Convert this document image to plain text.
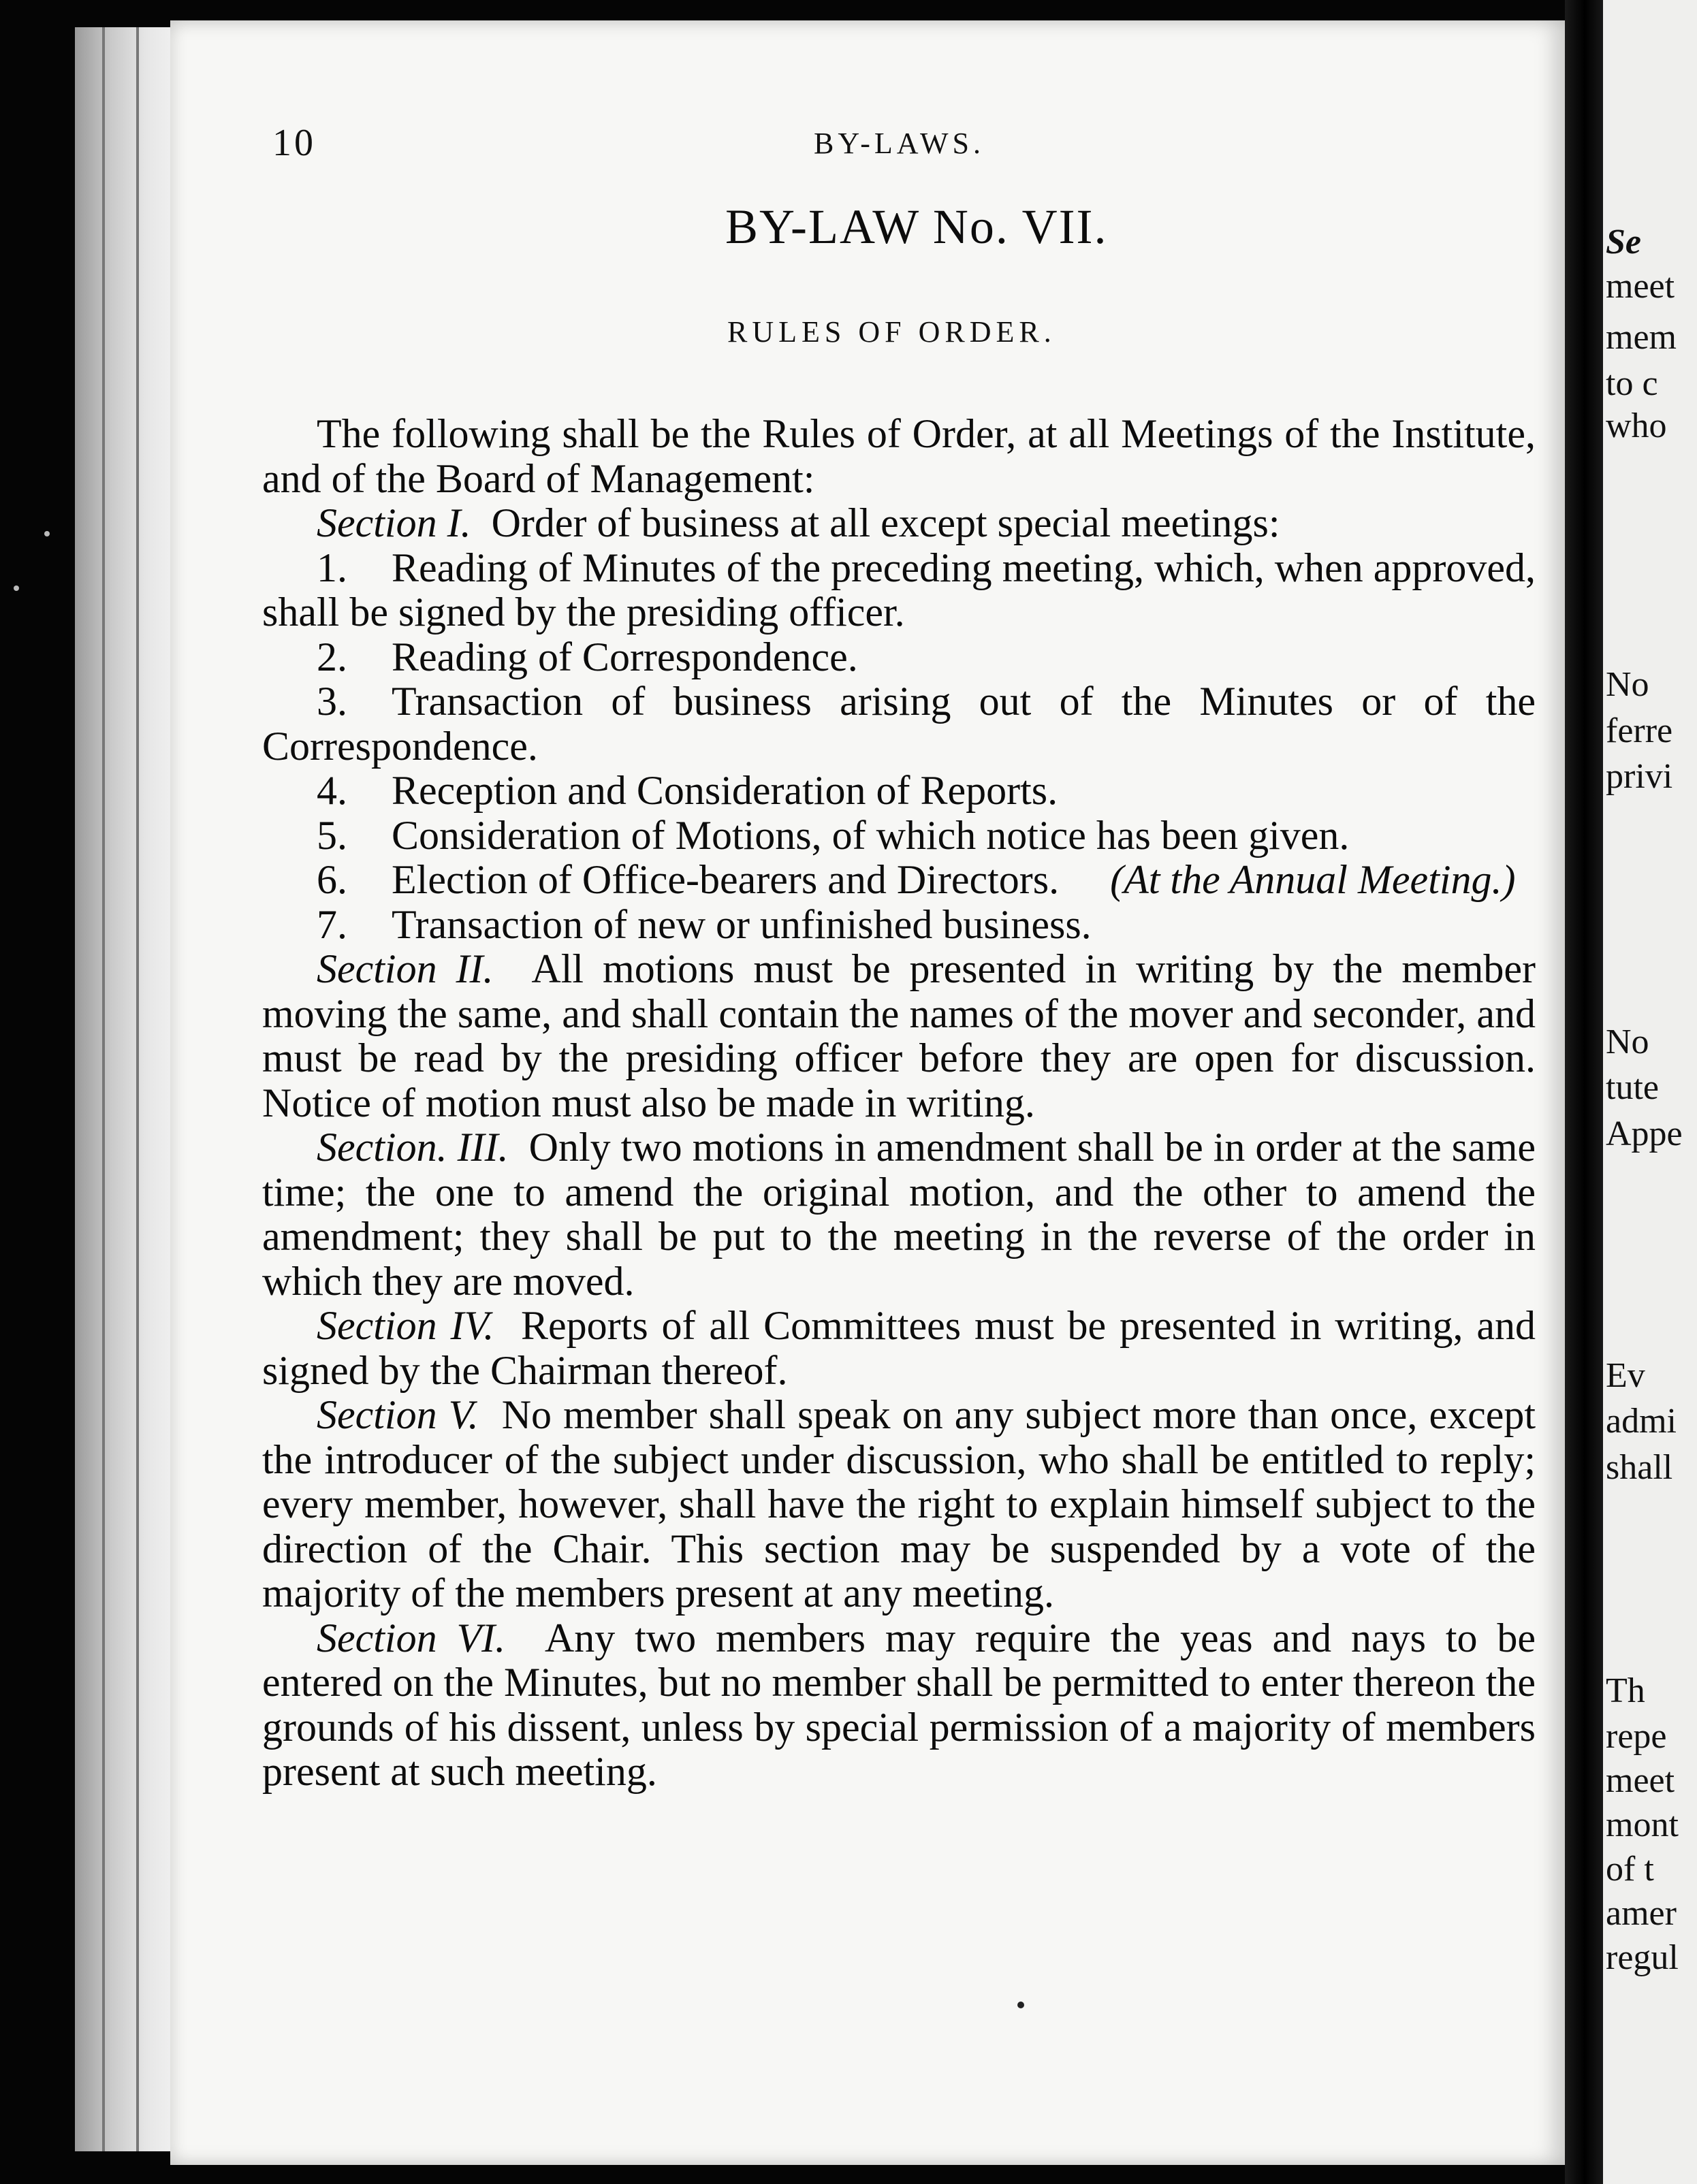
Se
meet
mem
to c
who
No
ferre
privi
No
tute
Appe
Ev
admi
shall
Th
repe
meet
mont
of t
amer
regul
10	BY-LAWS.
BY-LAW No. VII.
RULES OF ORDER.

The following shall be the Rules of Order, at all Meetings of the Institute, and of the Board of Management:

Section I. Order of business at all except special meetings:

1. Reading of Minutes of the preceding meeting, which, when approved, shall be signed by the presiding officer.

2. Reading of Correspondence.

3. Transaction of business arising out of the Minutes or of the Correspondence.

4. Reception and Consideration of Reports.

5. Consideration of Motions, of which notice has been given.

6. Election of Office-bearers and Directors. (At the Annual Meeting.)

7. Transaction of new or unfinished business.

Section II. All motions must be presented in writing by the member moving the same, and shall contain the names of the mover and seconder, and must be read by the presiding officer before they are open for discussion. Notice of motion must also be made in writing.

Section. III. Only two motions in amendment shall be in order at the same time; the one to amend the original motion, and the other to amend the amendment; they shall be put to the meeting in the reverse of the order in which they are moved.

Section IV. Reports of all Committees must be presented in writing, and signed by the Chairman thereof.

Section V. No member shall speak on any subject more than once, except the introducer of the subject under discussion, who shall be entitled to reply; every member, however, shall have the right to explain himself subject to the direction of the Chair. This section may be suspended by a vote of the majority of the members present at any meeting.

Section VI. Any two members may require the yeas and nays to be entered on the Minutes, but no member shall be permitted to enter thereon the grounds of his dissent, unless by special permission of a majority of members present at such meeting.
